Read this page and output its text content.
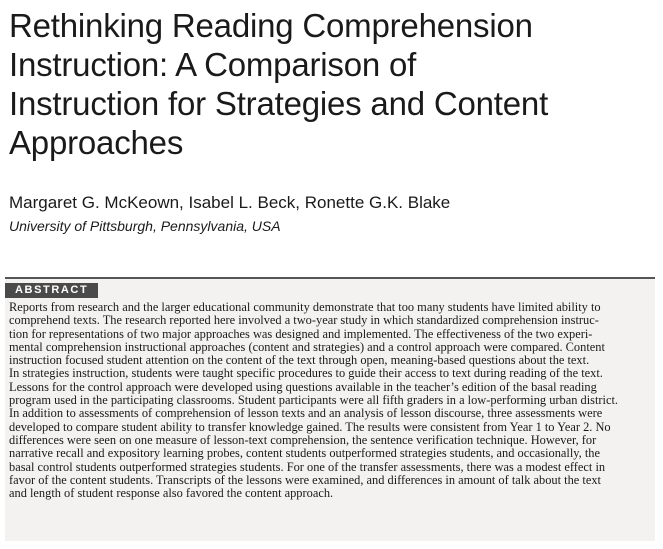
Rethinking Reading Comprehension
Instruction: A Comparison of
Instruction for Strategies and Content
Approaches
Margaret G. McKeown, Isabel L. Beck, Ronette G.K. Blake
University of Pittsburgh, Pennsylvania, USA
ABSTRACT
Reports from research and the larger educational community demonstrate that too many students have limited ability to
comprehend texts. The research reported here involved a two-year study in which standardized comprehension instruc-
tion for representations of two major approaches was designed and implemented. The effectiveness of the two experi-
mental comprehension instructional approaches (content and strategies) and a control approach were compared. Content
instruction focused student attention on the content of the text through open, meaning-based questions about the text.
In strategies instruction, students were taught specific procedures to guide their access to text during reading of the text.
Lessons for the control approach were developed using questions available in the teacher’s edition of the basal reading
program used in the participating classrooms. Student participants were all fifth graders in a low-performing urban district.
In addition to assessments of comprehension of lesson texts and an analysis of lesson discourse, three assessments were
developed to compare student ability to transfer knowledge gained. The results were consistent from Year 1 to Year 2. No
differences were seen on one measure of lesson-text comprehension, the sentence verification technique. However, for
narrative recall and expository learning probes, content students outperformed strategies students, and occasionally, the
basal control students outperformed strategies students. For one of the transfer assessments, there was a modest effect in
favor of the content students. Transcripts of the lessons were examined, and differences in amount of talk about the text
and length of student response also favored the content approach.
